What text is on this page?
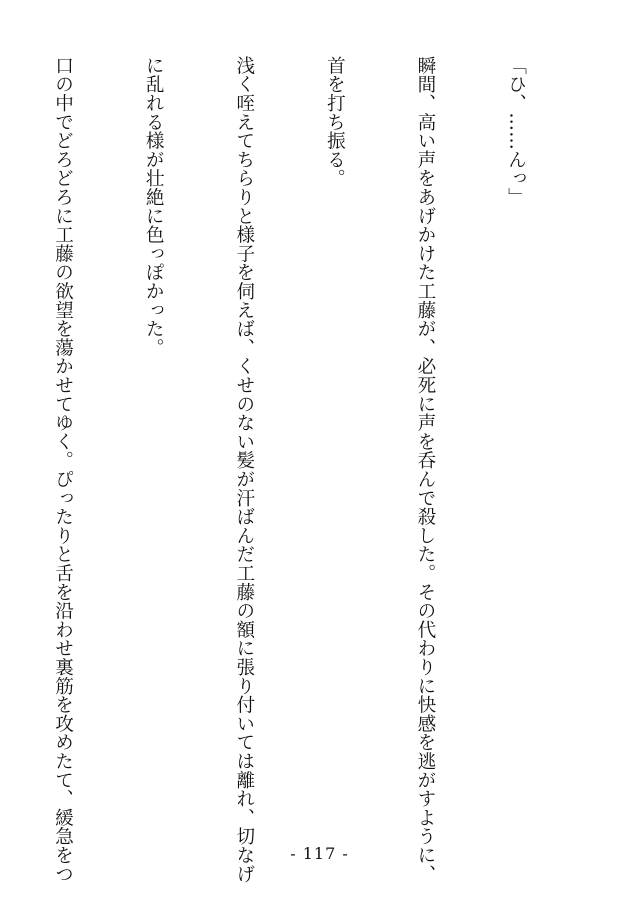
「ひ、……んっ」

瞬間、高い声をあげかけた工藤が、必死に声を呑んで殺した。その代わりに快感を逃がすように、

首を打ち振る。

浅く咥えてちらりと様子を伺えば、くせのない髪が汗ばんだ工藤の額に張り付いては離れ、切なげ

に乱れる様が壮絶に色っぽかった。

口の中でどろどろに工藤の欲望を蕩かせてゆく。ぴったりと舌を沿わせ裏筋を攻めたて、緩急をつ

	- 117 -
